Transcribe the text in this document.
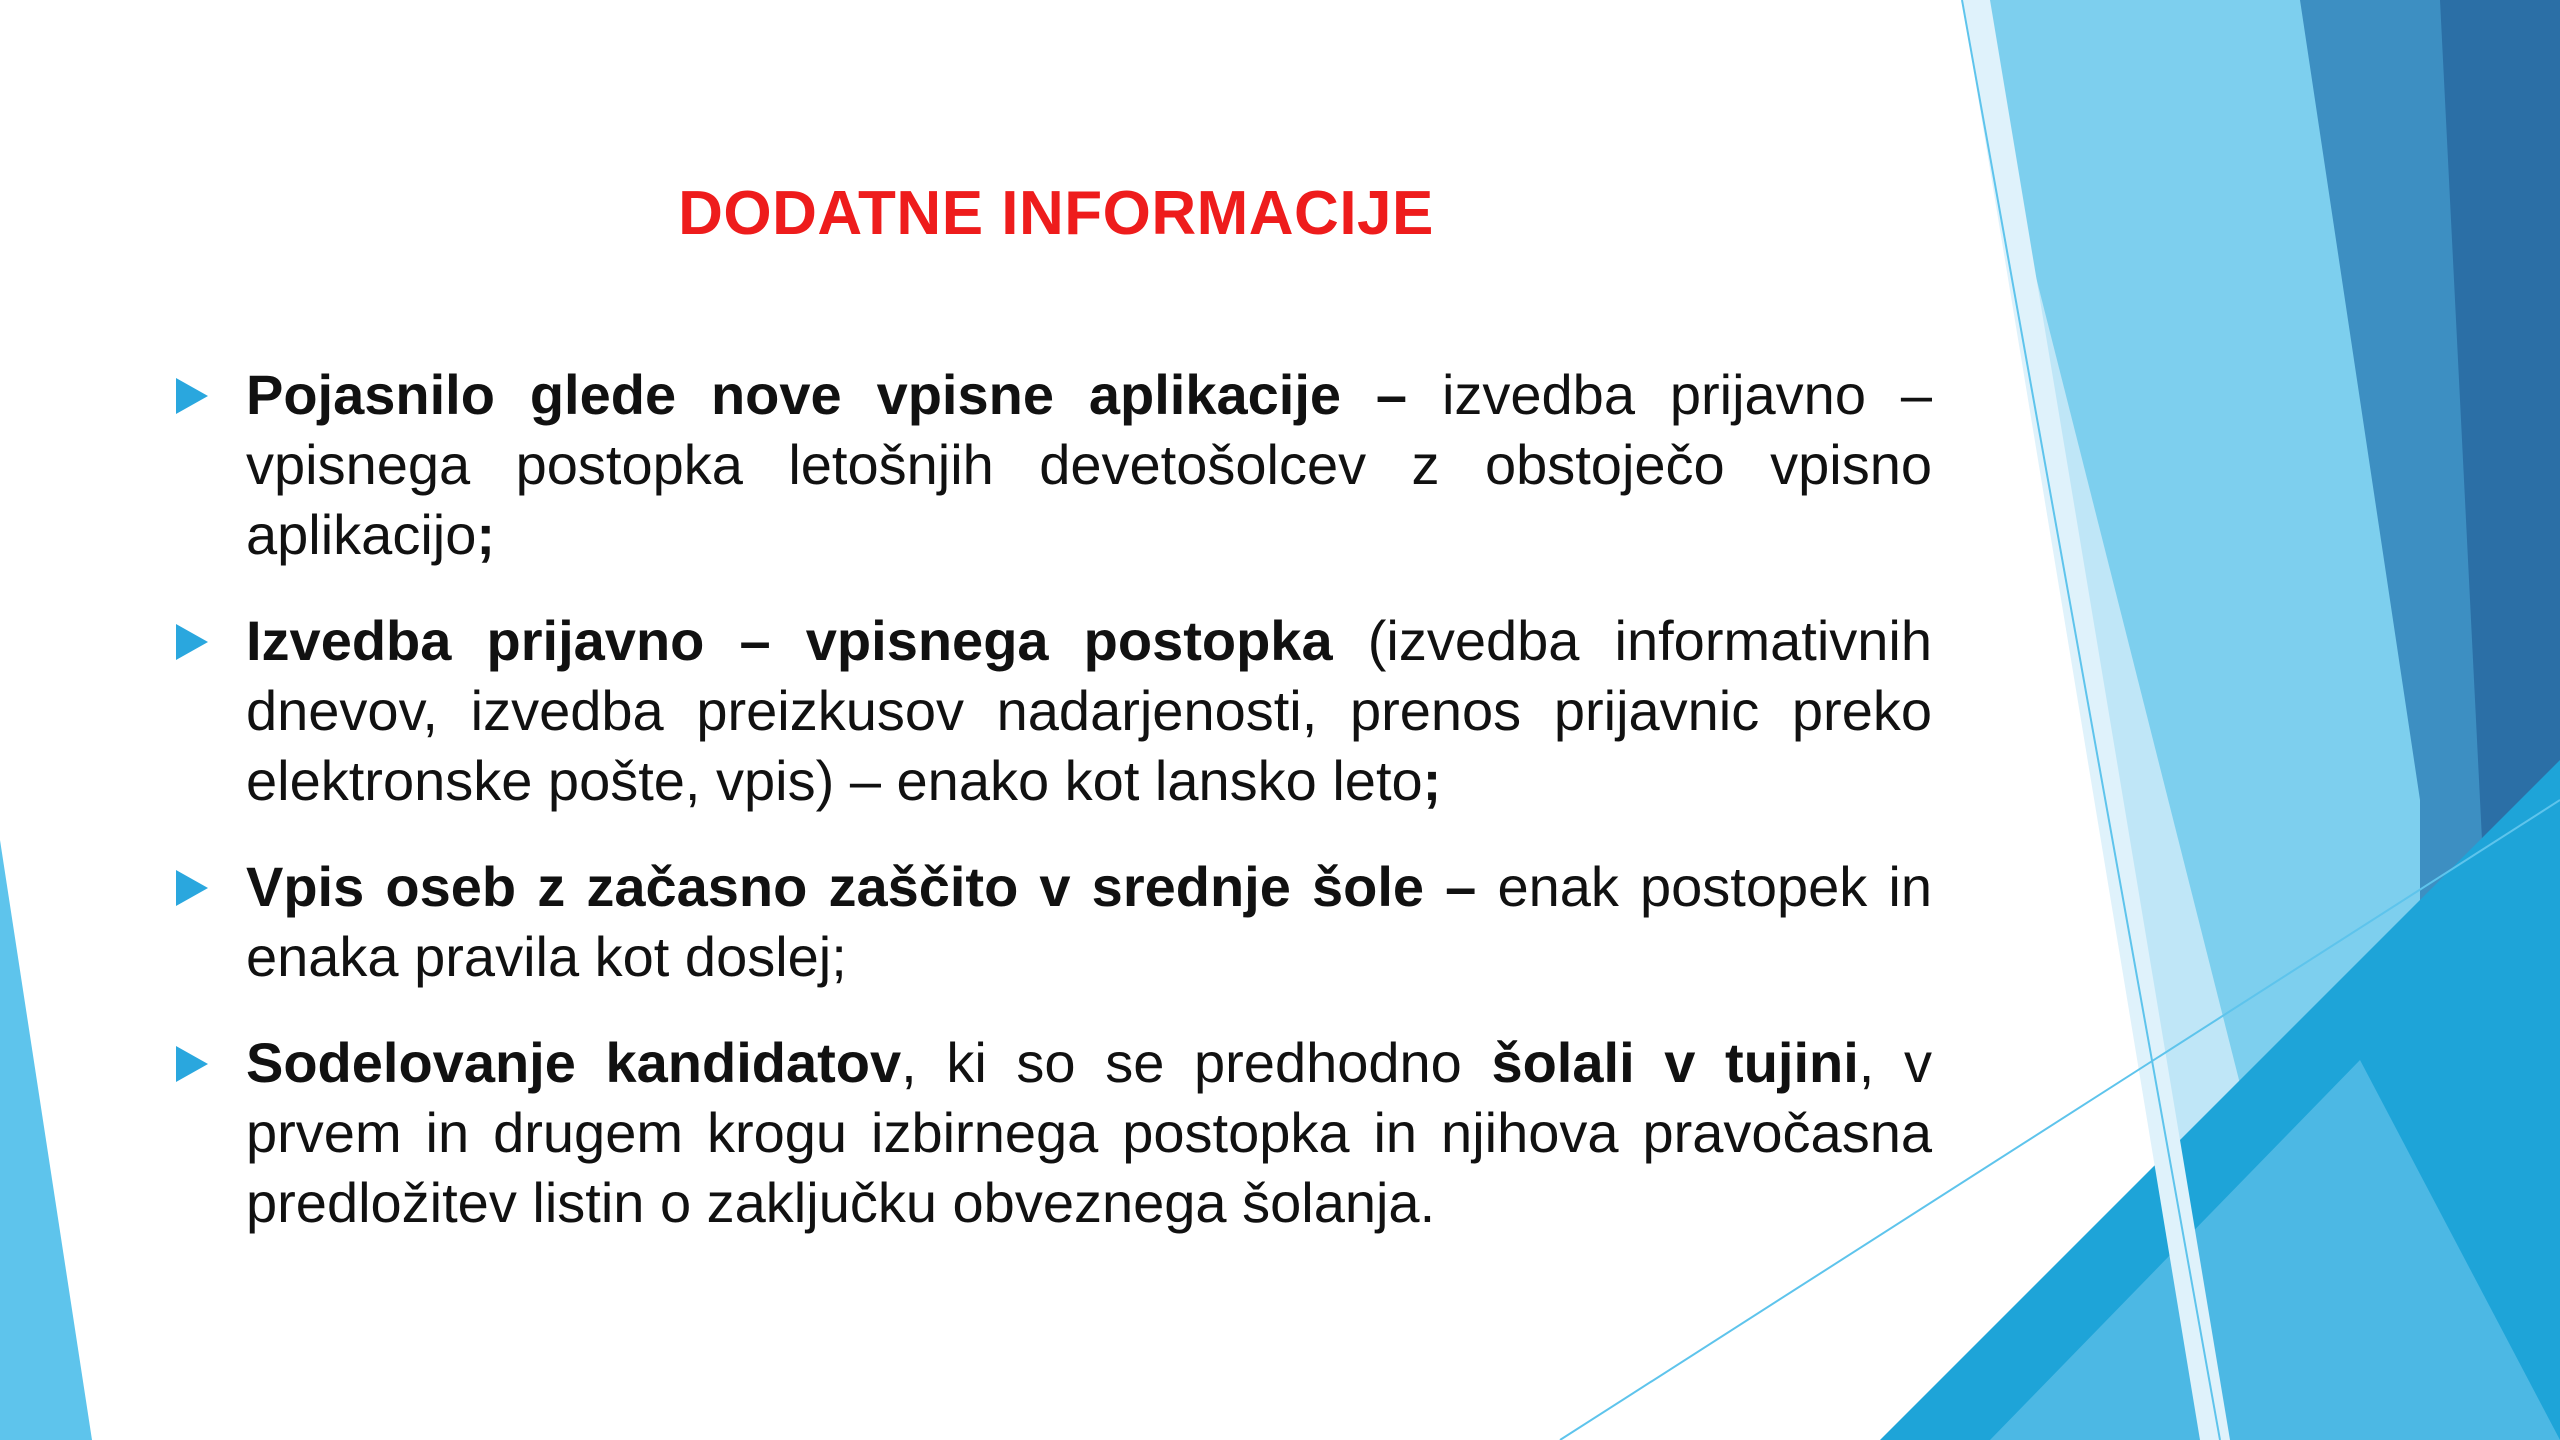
DODATNE INFORMACIJE
Pojasnilo glede nove vpisne aplikacije – izvedba prijavno – vpisnega postopka letošnjih devetošolcev z obstoječo vpisno aplikacijo;
Izvedba prijavno – vpisnega postopka (izvedba informativnih dnevov, izvedba preizkusov nadarjenosti, prenos prijavnic preko elektronske pošte, vpis) – enako kot lansko leto;
Vpis oseb z začasno zaščito v srednje šole – enak postopek in enaka pravila kot doslej;
Sodelovanje kandidatov, ki so se predhodno šolali v tujini, v prvem in drugem krogu izbirnega postopka in njihova pravočasna predložitev listin o zaključku obveznega šolanja.
